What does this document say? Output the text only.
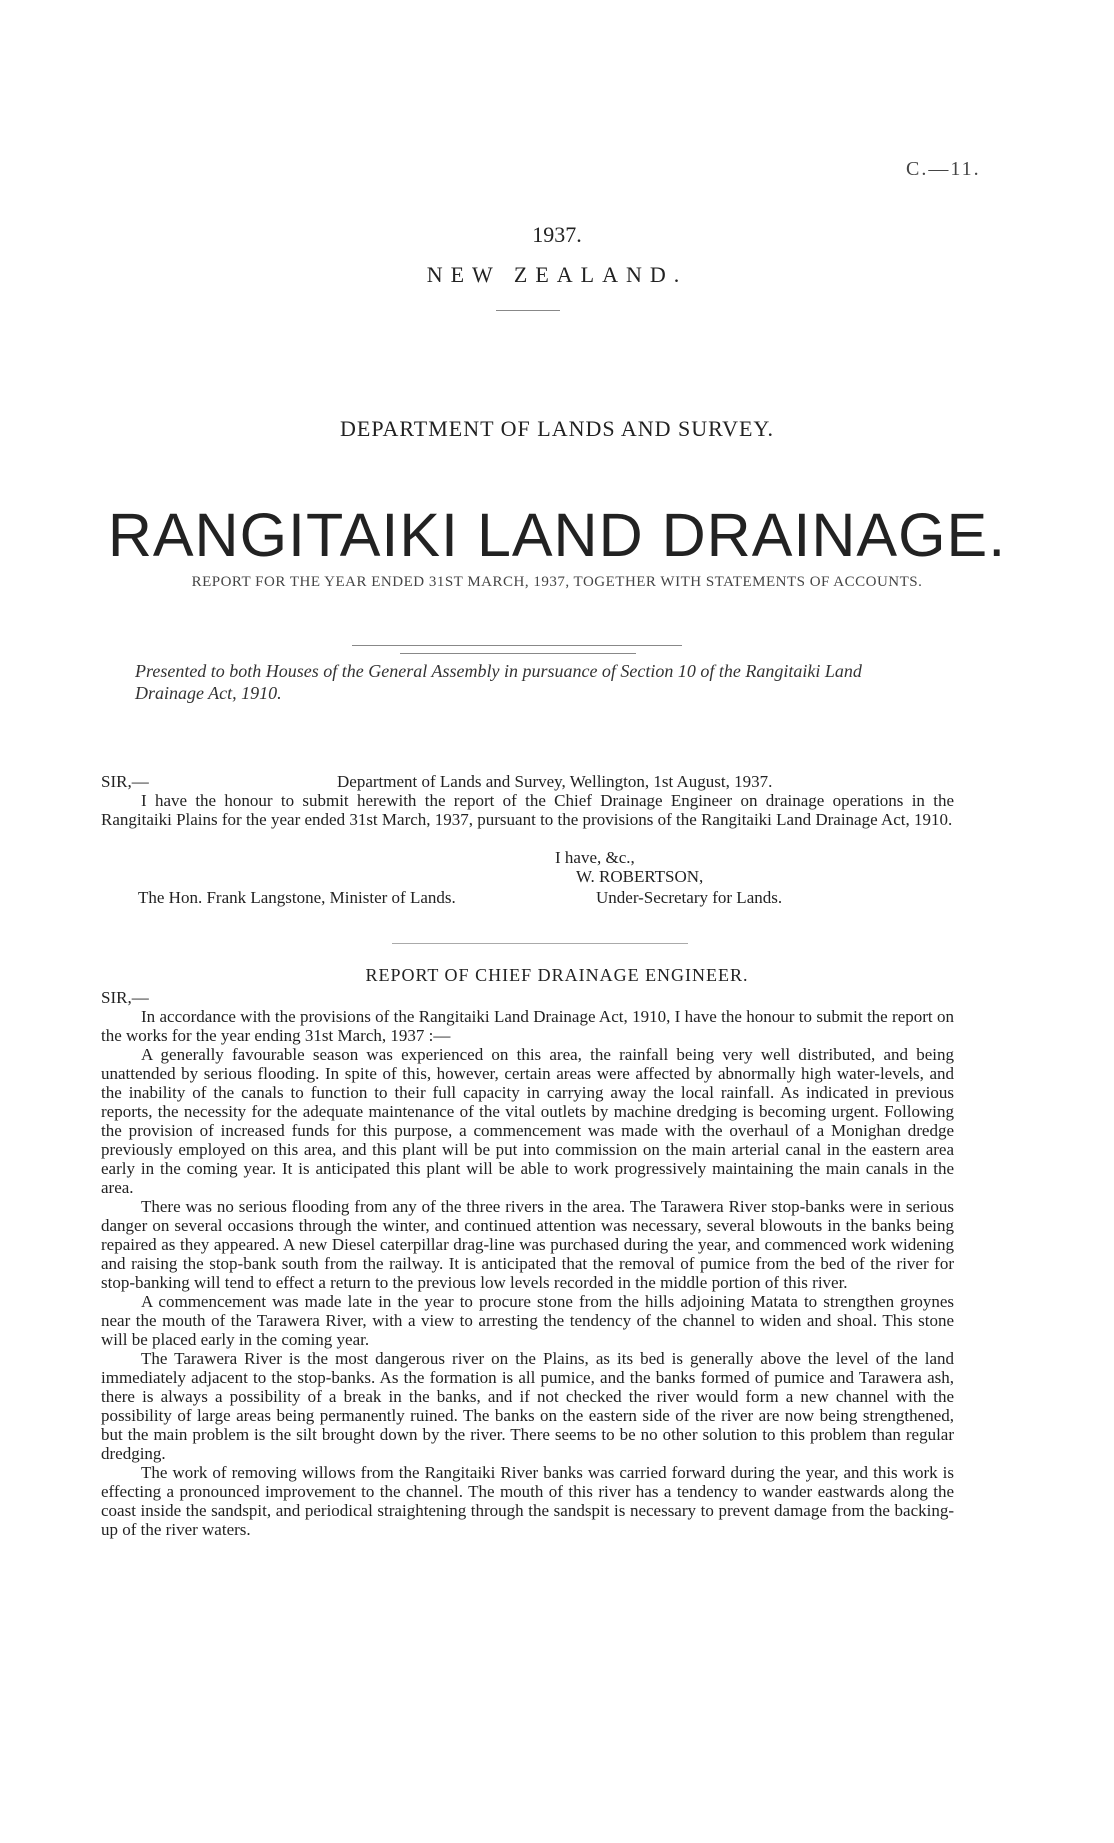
C.—11.
1937.
NEW ZEALAND.
DEPARTMENT OF LANDS AND SURVEY.
RANGITAIKI LAND DRAINAGE.
REPORT FOR THE YEAR ENDED 31ST MARCH, 1937, TOGETHER WITH STATEMENTS OF ACCOUNTS.
Presented to both Houses of the General Assembly in pursuance of Section 10 of the Rangitaiki Land Drainage Act, 1910.
SIR,—	Department of Lands and Survey, Wellington, 1st August, 1937.
I have the honour to submit herewith the report of the Chief Drainage Engineer on drainage operations in the Rangitaiki Plains for the year ended 31st March, 1937, pursuant to the provisions of the Rangitaiki Land Drainage Act, 1910.
I have, &c.,
W. ROBERTSON,
The Hon. Frank Langstone, Minister of Lands.	Under-Secretary for Lands.
REPORT OF CHIEF DRAINAGE ENGINEER.
SIR,—

In accordance with the provisions of the Rangitaiki Land Drainage Act, 1910, I have the honour to submit the report on the works for the year ending 31st March, 1937 :—

A generally favourable season was experienced on this area, the rainfall being very well distributed, and being unattended by serious flooding. In spite of this, however, certain areas were affected by abnormally high water-levels, and the inability of the canals to function to their full capacity in carrying away the local rainfall. As indicated in previous reports, the necessity for the adequate maintenance of the vital outlets by machine dredging is becoming urgent. Following the provision of increased funds for this purpose, a commencement was made with the overhaul of a Monighan dredge previously employed on this area, and this plant will be put into commission on the main arterial canal in the eastern area early in the coming year. It is anticipated this plant will be able to work progressively maintaining the main canals in the area.

There was no serious flooding from any of the three rivers in the area. The Tarawera River stop-banks were in serious danger on several occasions through the winter, and continued attention was necessary, several blowouts in the banks being repaired as they appeared. A new Diesel caterpillar drag-line was purchased during the year, and commenced work widening and raising the stop-bank south from the railway. It is anticipated that the removal of pumice from the bed of the river for stop-banking will tend to effect a return to the previous low levels recorded in the middle portion of this river.

A commencement was made late in the year to procure stone from the hills adjoining Matata to strengthen groynes near the mouth of the Tarawera River, with a view to arresting the tendency of the channel to widen and shoal. This stone will be placed early in the coming year.

The Tarawera River is the most dangerous river on the Plains, as its bed is generally above the level of the land immediately adjacent to the stop-banks. As the formation is all pumice, and the banks formed of pumice and Tarawera ash, there is always a possibility of a break in the banks, and if not checked the river would form a new channel with the possibility of large areas being permanently ruined. The banks on the eastern side of the river are now being strengthened, but the main problem is the silt brought down by the river. There seems to be no other solution to this problem than regular dredging.

The work of removing willows from the Rangitaiki River banks was carried forward during the year, and this work is effecting a pronounced improvement to the channel. The mouth of this river has a tendency to wander eastwards along the coast inside the sandspit, and periodical straightening through the sandspit is necessary to prevent damage from the backing-up of the river waters.
